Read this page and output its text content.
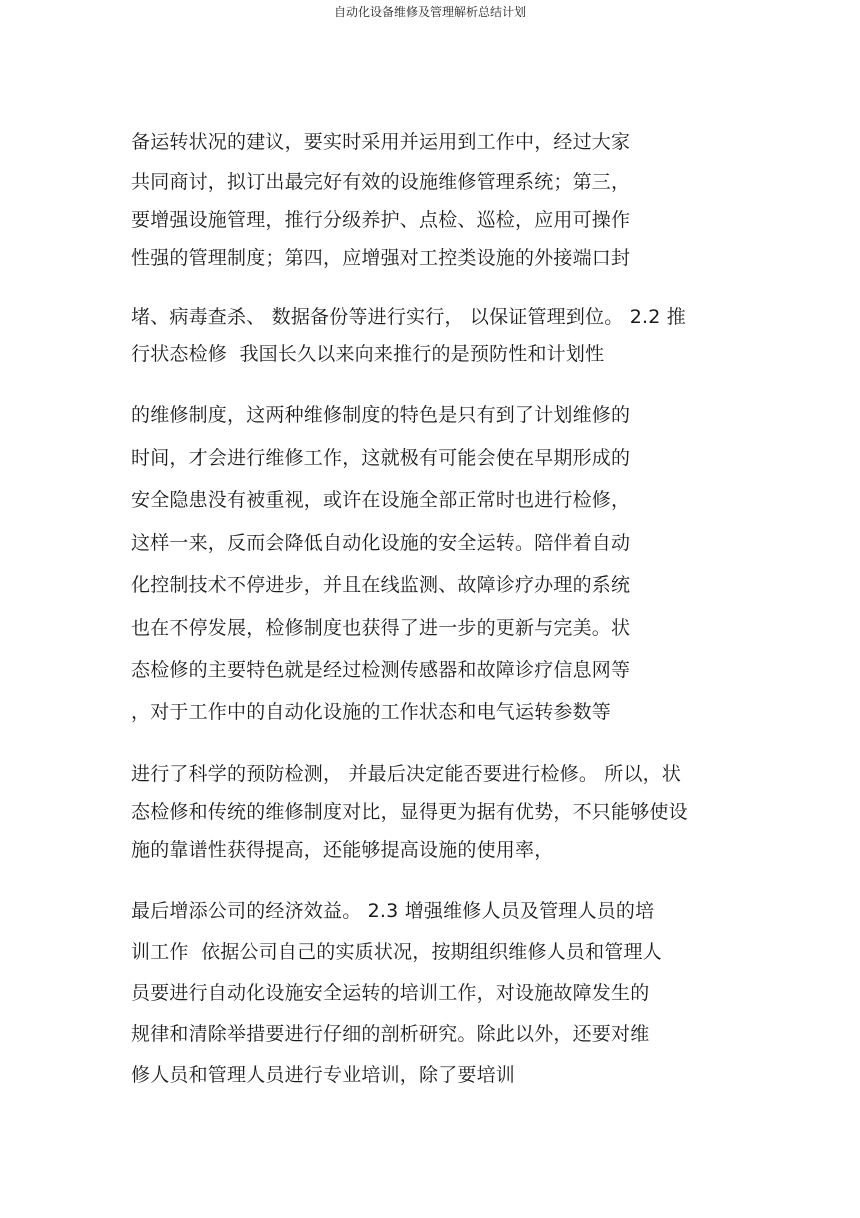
自动化设备维修及管理解析总结计划
备运转状况的建议，要实时采用并运用到工作中，经过大家
共同商讨，拟订出最完好有效的设施维修管理系统；第三，
要增强设施管理，推行分级养护、点检、巡检，应用可操作
性强的管理制度；第四，应增强对工控类设施的外接端口封
堵、病毒查杀、 数据备份等进行实行， 以保证管理到位。 2.2 推
行状态检修  我国长久以来向来推行的是预防性和计划性
的维修制度，这两种维修制度的特色是只有到了计划维修的
时间，才会进行维修工作，这就极有可能会使在早期形成的
安全隐患没有被重视，或许在设施全部正常时也进行检修，
这样一来，反而会降低自动化设施的安全运转。陪伴着自动
化控制技术不停进步，并且在线监测、故障诊疗办理的系统
也在不停发展，检修制度也获得了进一步的更新与完美。状
态检修的主要特色就是经过检测传感器和故障诊疗信息网等
，对于工作中的自动化设施的工作状态和电气运转参数等
进行了科学的预防检测， 并最后决定能否要进行检修。 所以，状
态检修和传统的维修制度对比，显得更为据有优势，不只能够使设
施的靠谱性获得提高，还能够提高设施的使用率，
最后增添公司的经济效益。 2.3 增强维修人员及管理人员的培
训工作  依据公司自己的实质状况，按期组织维修人员和管理人
员要进行自动化设施安全运转的培训工作，对设施故障发生的
规律和清除举措要进行仔细的剖析研究。除此以外，还要对维
修人员和管理人员进行专业培训，除了要培训
